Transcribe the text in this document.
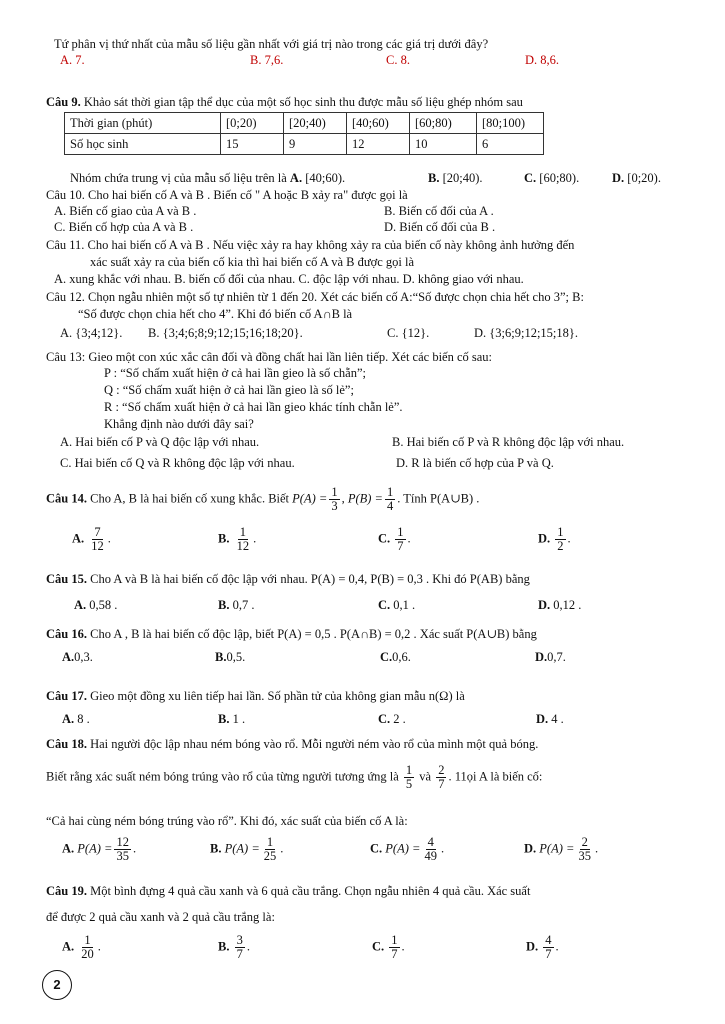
Tứ phân vị thứ nhất của mẫu số liệu gần nhất với giá trị nào trong các giá trị dưới đây?
A. 7.	B. 7,6.	C. 8.	D. 8,6.
Câu 9. Khảo sát thời gian tập thể dục của một số học sinh thu được mẫu số liệu ghép nhóm sau
Thời gian (phút)	[0;20)	[20;40)	[40;60)	[60;80)	[80;100)
Số học sinh	15	9	12	10	6
Nhóm chứa trung vị của mẫu số liệu trên là A. [40;60).	B. [20;40).	C. [60;80).	D. [0;20).
Câu 10. Cho hai biến cố A và B . Biến cố " A hoặc B xảy ra" được gọi là
A. Biến cố giao của A và B .	B. Biến cố đối của A .
C. Biến cố hợp của A và B .	D. Biến cố đối của B .
Câu 11. Cho hai biến cố A và B . Nếu việc xảy ra hay không xảy ra của biến cố này không ảnh hưởng đến
xác suất xảy ra của biến cố kia thì hai biến cố A và B được gọi là
A. xung khắc với nhau. B. biến cố đối của nhau. C. độc lập với nhau. D. không giao với nhau.
Câu 12. Chọn ngẫu nhiên một số tự nhiên từ 1 đến 20. Xét các biến cố A:“Số được chọn chia hết cho 3”; B:
“Số được chọn chia hết cho 4”. Khi đó biến cố A∩B là
A. {3;4;12}. B. {3;4;6;8;9;12;15;16;18;20}.	C. {12}.	D. {3;6;9;12;15;18}.
Câu 13: Gieo một con xúc xắc cân đối và đồng chất hai lần liên tiếp. Xét các biến cố sau:
P : “Số chấm xuất hiện ở cả hai lần gieo là số chẵn”;
Q : “Số chấm xuất hiện ở cả hai lần gieo là số lẻ”;
R : “Số chấm xuất hiện ở cả hai lần gieo khác tính chẵn lẻ”.
Khẳng định nào dưới đây sai?
A. Hai biến cố P và Q độc lập với nhau.	B. Hai biến cố P và R không độc lập với nhau.
C. Hai biến cố Q và R không độc lập với nhau.	D. R là biến cố hợp của P và Q.
Câu 14. Cho A, B là hai biến cố xung khắc. Biết $P(A) = \frac{1}{3}$ , $P(B) = \frac{1}{4}$ . Tính P(A∪B) .
A. $\frac{7}{12}$ .	B. $\frac{1}{12}$ .	C. $\frac{1}{7}$ .	D. $\frac{1}{2}$ .
Câu 15. Cho A và B là hai biến cố độc lập với nhau. P(A) = 0,4, P(B) = 0,3 . Khi đó P(AB) bằng
A. 0,58 .	B. 0,7 .	C. 0,1 .	D. 0,12 .
Câu 16. Cho A , B là hai biến cố độc lập, biết P(A) = 0,5 . P(A∩B) = 0,2 . Xác suất P(A∪B) bằng
A.0,3.	B.0,5.	C.0,6.	D.0,7.
Câu 17. Gieo một đồng xu liên tiếp hai lần. Số phần tử của không gian mẫu n(Ω) là
A. 8 .	B. 1 .	C. 2 .	D. 4 .
Câu 18. Hai người độc lập nhau ném bóng vào rổ. Mỗi người ném vào rổ của mình một quả bóng.
Biết rằng xác suất ném bóng trúng vào rổ của từng người tương ứng là $\frac{1}{5}$ và $\frac{2}{7}$ . 11ọi A là biến cố:
“Cả hai cùng ném bóng trúng vào rổ”. Khi đó, xác suất của biến cố A là:
A. $P(A) = \frac{12}{35}$ .	B. $P(A) = \frac{1}{25}$ .	C. $P(A) = \frac{4}{49}$ .	D. $P(A) = \frac{2}{35}$ .
Câu 19. Một bình đựng 4 quả cầu xanh và 6 quả cầu trắng. Chọn ngẫu nhiên 4 quả cầu. Xác suất
để được 2 quả cầu xanh và 2 quả cầu trắng là:
A. $\frac{1}{20}$ .	B. $\frac{3}{7}$ .	C. $\frac{1}{7}$ .	D. $\frac{4}{7}$ .
2
